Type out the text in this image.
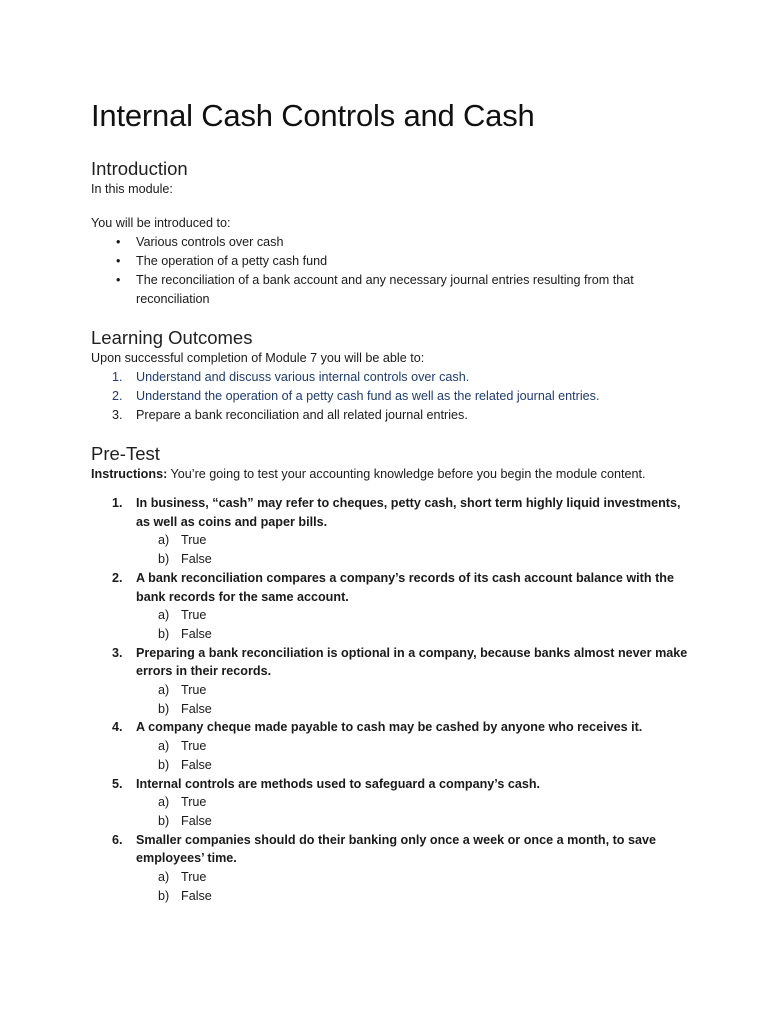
Internal Cash Controls and Cash
Introduction

In this module:

You will be introduced to:

• Various controls over cash
• The operation of a petty cash fund
• The reconciliation of a bank account and any necessary journal entries resulting from that reconciliation
Learning Outcomes

Upon successful completion of Module 7 you will be able to:

1. Understand and discuss various internal controls over cash.
2. Understand the operation of a petty cash fund as well as the related journal entries.
3. Prepare a bank reconciliation and all related journal entries.
Pre-Test

Instructions: You’re going to test your accounting knowledge before you begin the module content.

1. In business, “cash” may refer to cheques, petty cash, short term highly liquid investments, as well as coins and paper bills.
a) True
b) False
2. A bank reconciliation compares a company’s records of its cash account balance with the bank records for the same account.
a) True
b) False
3. Preparing a bank reconciliation is optional in a company, because banks almost never make errors in their records.
a) True
b) False
4. A company cheque made payable to cash may be cashed by anyone who receives it.
a) True
b) False
5. Internal controls are methods used to safeguard a company’s cash.
a) True
b) False
6. Smaller companies should do their banking only once a week or once a month, to save employees’ time.
a) True
b) False
